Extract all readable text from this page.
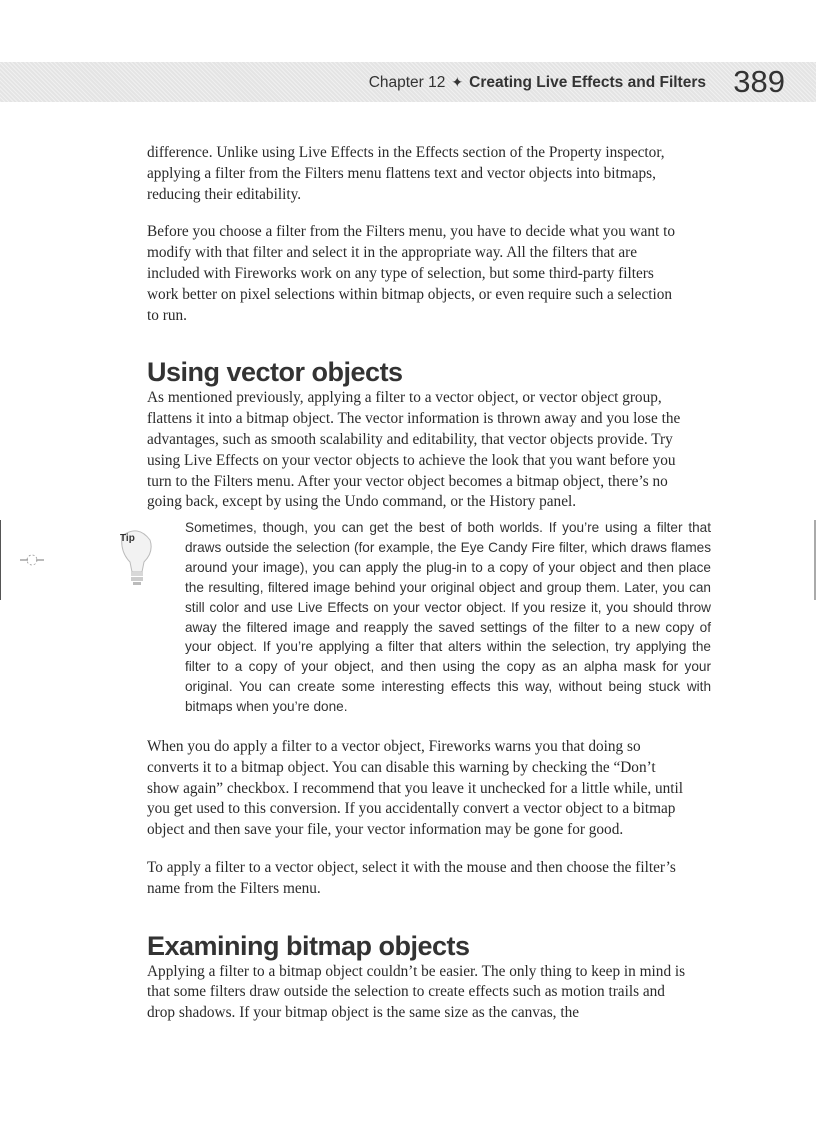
Chapter 12 ✦ Creating Live Effects and Filters 389

difference. Unlike using Live Effects in the Effects section of the Property inspector, applying a filter from the Filters menu flattens text and vector objects into bitmaps, reducing their editability.

Before you choose a filter from the Filters menu, you have to decide what you want to modify with that filter and select it in the appropriate way. All the filters that are included with Fireworks work on any type of selection, but some third-party filters work better on pixel selections within bitmap objects, or even require such a selection to run.

Using vector objects

As mentioned previously, applying a filter to a vector object, or vector object group, flattens it into a bitmap object. The vector information is thrown away and you lose the advantages, such as smooth scalability and editability, that vector objects provide. Try using Live Effects on your vector objects to achieve the look that you want before you turn to the Filters menu. After your vector object becomes a bitmap object, there’s no going back, except by using the Undo command, or the History panel.

Tip

Sometimes, though, you can get the best of both worlds. If you’re using a filter that draws outside the selection (for example, the Eye Candy Fire filter, which draws flames around your image), you can apply the plug-in to a copy of your object and then place the resulting, filtered image behind your original object and group them. Later, you can still color and use Live Effects on your vector object. If you resize it, you should throw away the filtered image and reapply the saved settings of the filter to a new copy of your object. If you’re applying a filter that alters within the selection, try applying the filter to a copy of your object, and then using the copy as an alpha mask for your original. You can create some interesting effects this way, without being stuck with bitmaps when you’re done.

When you do apply a filter to a vector object, Fireworks warns you that doing so converts it to a bitmap object. You can disable this warning by checking the “Don’t show again” checkbox. I recommend that you leave it unchecked for a little while, until you get used to this conversion. If you accidentally convert a vector object to a bitmap object and then save your file, your vector information may be gone for good.

To apply a filter to a vector object, select it with the mouse and then choose the filter’s name from the Filters menu.

Examining bitmap objects

Applying a filter to a bitmap object couldn’t be easier. The only thing to keep in mind is that some filters draw outside the selection to create effects such as motion trails and drop shadows. If your bitmap object is the same size as the canvas, the
